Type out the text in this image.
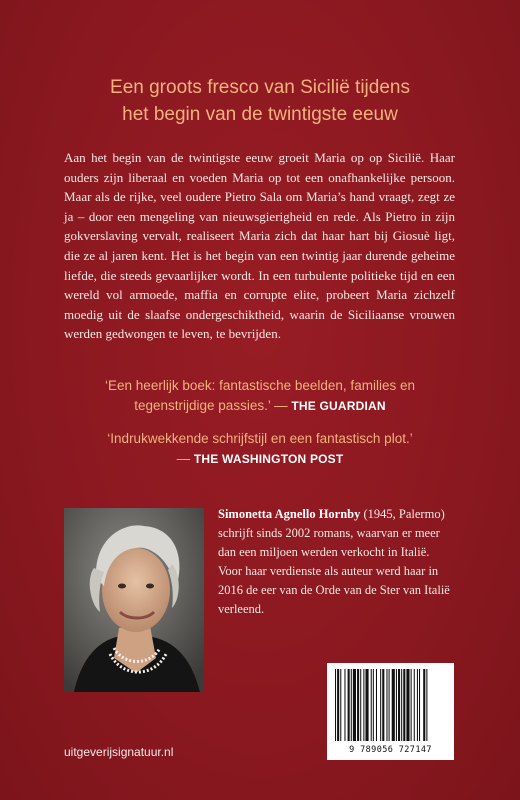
Een groots fresco van Sicilië tijdens
het begin van de twintigste eeuw

Aan het begin van de twintigste eeuw groeit Maria op op Sicilië. Haar ouders zijn liberaal en voeden Maria op tot een onafhankelijke persoon. Maar als de rijke, veel oudere Pietro Sala om Maria’s hand vraagt, zegt ze ja – door een mengeling van nieuwsgierigheid en rede. Als Pietro in zijn gokverslaving vervalt, realiseert Maria zich dat haar hart bij Giosuè ligt, die ze al jaren kent. Het is het begin van een twintig jaar durende geheime liefde, die steeds gevaarlijker wordt. In een turbulente politieke tijd en een wereld vol armoede, maffia en corrupte elite, probeert Maria zichzelf moedig uit de slaafse ondergeschiktheid, waarin de Siciliaanse vrouwen werden gedwongen te leven, te bevrijden.

‘Een heerlijk boek: fantastische beelden, families en
tegenstrijdige passies.’ — THE GUARDIAN
‘Indrukwekkende schrijfstijl en een fantastisch plot.’
— THE WASHINGTON POST

Simonetta Agnello Hornby (1945, Palermo) schrijft sinds 2002 romans, waarvan er meer dan een miljoen werden verkocht in Italië. Voor haar verdienste als auteur werd haar in 2016 de eer van de Orde van de Ster van Italië verleend.

9 789056 727147
uitgeverijsignatuur.nl
